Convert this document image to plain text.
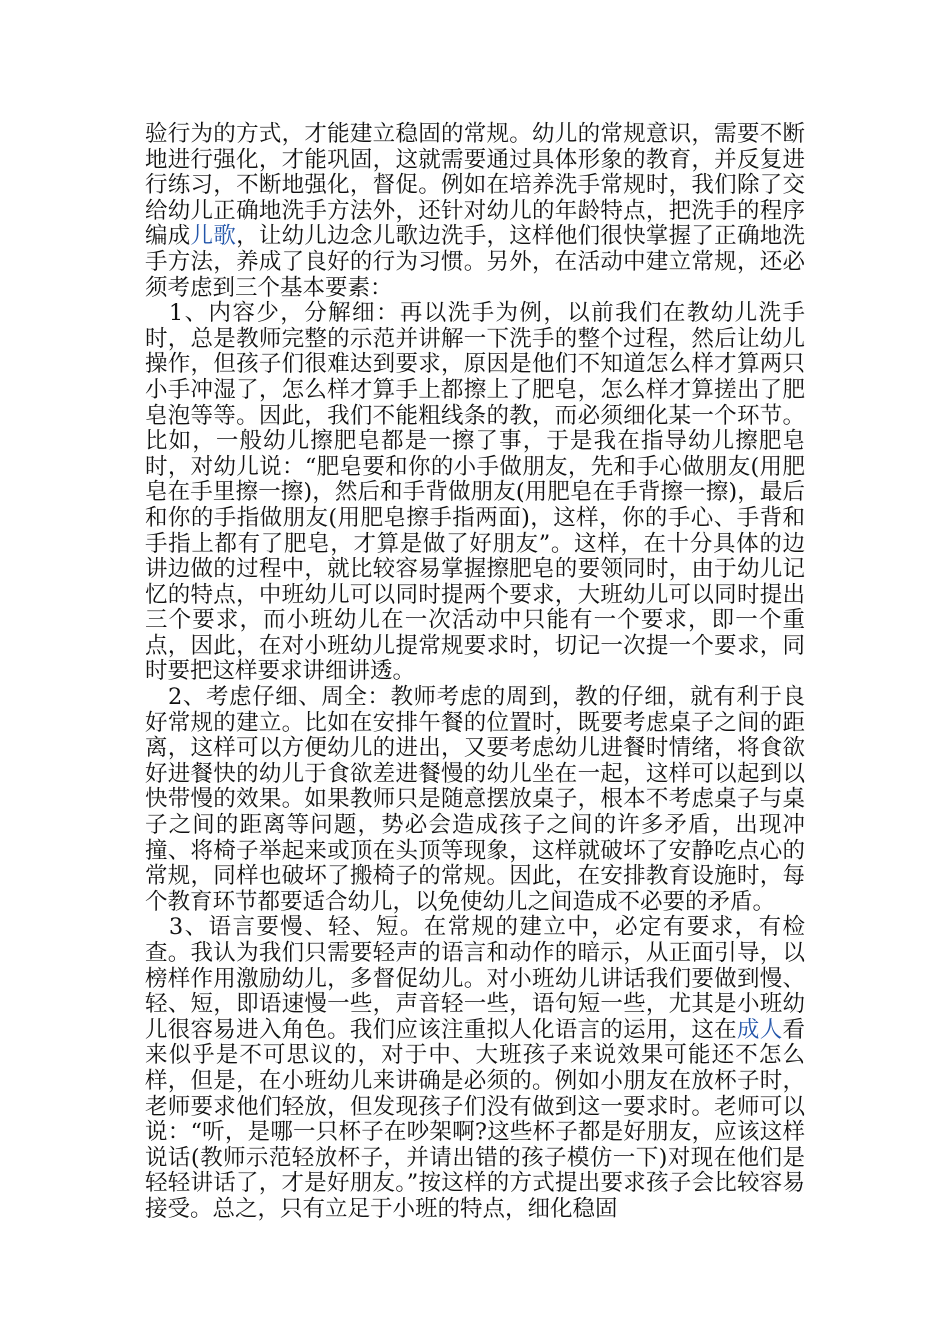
验行为的方式，才能建立稳固的常规。幼儿的常规意识，需要不断地进行强化，才能巩固，这就需要通过具体形象的教育，并反复进行练习，不断地强化，督促。例如在培养洗手常规时，我们除了交给幼儿正确地洗手方法外，还针对幼儿的年龄特点，把洗手的程序编成儿歌，让幼儿边念儿歌边洗手，这样他们很快掌握了正确地洗手方法，养成了良好的行为习惯。另外，在活动中建立常规，还必须考虑到三个基本要素：

　1、内容少，分解细：再以洗手为例，以前我们在教幼儿洗手时，总是教师完整的示范并讲解一下洗手的整个过程，然后让幼儿操作，但孩子们很难达到要求，原因是他们不知道怎么样才算两只小手冲湿了，怎么样才算手上都擦上了肥皂，怎么样才算搓出了肥皂泡等等。因此，我们不能粗线条的教，而必须细化某一个环节。比如，一般幼儿擦肥皂都是一擦了事，于是我在指导幼儿擦肥皂时，对幼儿说：“肥皂要和你的小手做朋友，先和手心做朋友(用肥皂在手里擦一擦)，然后和手背做朋友(用肥皂在手背擦一擦)，最后和你的手指做朋友(用肥皂擦手指两面)，这样，你的手心、手背和手指上都有了肥皂，才算是做了好朋友”。这样，在十分具体的边讲边做的过程中，就比较容易掌握擦肥皂的要领同时，由于幼儿记忆的特点，中班幼儿可以同时提两个要求，大班幼儿可以同时提出三个要求，而小班幼儿在一次活动中只能有一个要求，即一个重点，因此，在对小班幼儿提常规要求时，切记一次提一个要求，同时要把这样要求讲细讲透。

　2、考虑仔细、周全：教师考虑的周到，教的仔细，就有利于良好常规的建立。比如在安排午餐的位置时，既要考虑桌子之间的距离，这样可以方便幼儿的进出，又要考虑幼儿进餐时情绪，将食欲好进餐快的幼儿于食欲差进餐慢的幼儿坐在一起，这样可以起到以快带慢的效果。如果教师只是随意摆放桌子，根本不考虑桌子与桌子之间的距离等问题，势必会造成孩子之间的许多矛盾，出现冲撞、将椅子举起来或顶在头顶等现象，这样就破坏了安静吃点心的常规，同样也破坏了搬椅子的常规。因此，在安排教育设施时，每个教育环节都要适合幼儿，以免使幼儿之间造成不必要的矛盾。

　3、语言要慢、轻、短。在常规的建立中，必定有要求，有检查。我认为我们只需要轻声的语言和动作的暗示，从正面引导，以榜样作用激励幼儿，多督促幼儿。对小班幼儿讲话我们要做到慢、轻、短，即语速慢一些，声音轻一些，语句短一些，尤其是小班幼儿很容易进入角色。我们应该注重拟人化语言的运用，这在成人看来似乎是不可思议的，对于中、大班孩子来说效果可能还不怎么样，但是，在小班幼儿来讲确是必须的。例如小朋友在放杯子时，老师要求他们轻放，但发现孩子们没有做到这一要求时。老师可以说：“听，是哪一只杯子在吵架啊?这些杯子都是好朋友，应该这样说话(教师示范轻放杯子，并请出错的孩子模仿一下)对现在他们是轻轻讲话了，才是好朋友。”按这样的方式提出要求孩子会比较容易接受。总之，只有立足于小班的特点，细化稳固
